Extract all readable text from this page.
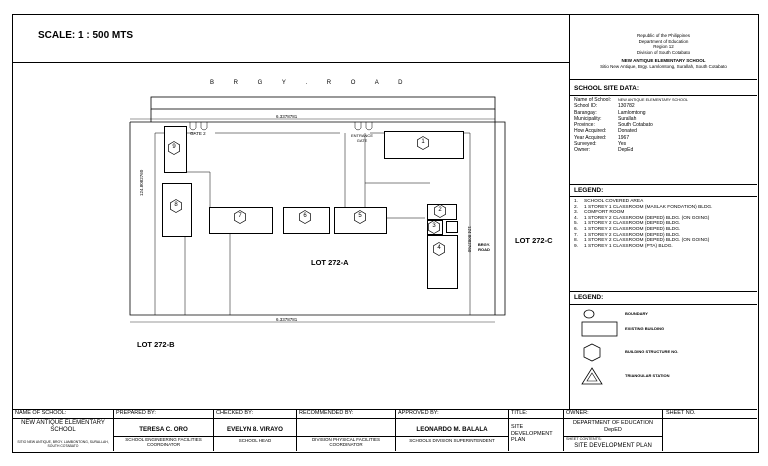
SCALE: 1 : 500 MTS	Republic of the Philippines
Department of Education
Region 12
Division of South Cotabato
NEW ANTIQUE ELEMENTARY SCHOOL
Sitio New Antique, Brgy. Lamlomtong, Surallah, South Cotabato
SCHOOL SITE DATA:
Name of School:	NEW ANTIQUE ELEMENTARY SCHOOL
School ID:	130782
Barangay:	Lamlomtong
Municipality:	Surallah
Province:	South Cotabato
How Acquired:	Donated
Year Acquired:	1967
Surveyed:	Yes
Owner:	DepEd
LEGEND:
1.	SCHOOL COVERED AREA
2.	1 STOREY 1 CLASSROOM (MASLAK FONDATION) BLDG.
3.	COMFORT ROOM
4.	1 STOREY 2 CLASSROOM (DEPED) BLDG. (ON GOING)
5.	1 STOREY 2 CLASSROOM (DEPED) BLDG.
6.	1 STOREY 2 CLASSROOM (DEPED) BLDG.
7.	1 STOREY 2 CLASSROOM (DEPED) BLDG.
8.	1 STOREY 2 CLASSROOM (DEPED) BLDG. (ON GOING)
9.	1 STOREY 1 CLASSROOM (PTA) BLDG.
LEGEND:
BOUNDARY
EXISTING BUILDING
BUILDING STRUCTURE NO.
TRIANGULAR STATION
B R G Y . R O A D
9
8
7	6	5
1
2
3
4
6.3378781
6.3378781
124.8082760
124.8082760
GATE 2	ENTRANCE GATE
BRGY. ROAD
LOT 272-A
LOT 272-B
LOT 272-C
NAME OF SCHOOL:
NEW ANTIQUE ELEMENTARY SCHOOL
SITIO NEW ANTIQUE, BRGY. LAMBONTONG, SURALLAH, SOUTH COTABATO
PREPARED BY:
TERESA C. ORO
SCHOOL ENGINEERING FACILITIES COORDINATOR
CHECKED BY:
EVELYN 8. VIRAYO
SCHOOL HEAD
RECOMMENDED BY:
DIVISION PHYSICAL FACILITIES COORDINATOR
APPROVED BY:
LEONARDO M. BALALA
SCHOOLS DIVISION SUPERINTENDENT
TITLE:
SITE DEVELOPMENT PLAN
OWNER:
DEPARTMENT OF EDUCATION DepED
SHEET CONTENTS:
SITE DEVELOPMENT PLAN
SHEET NO.
